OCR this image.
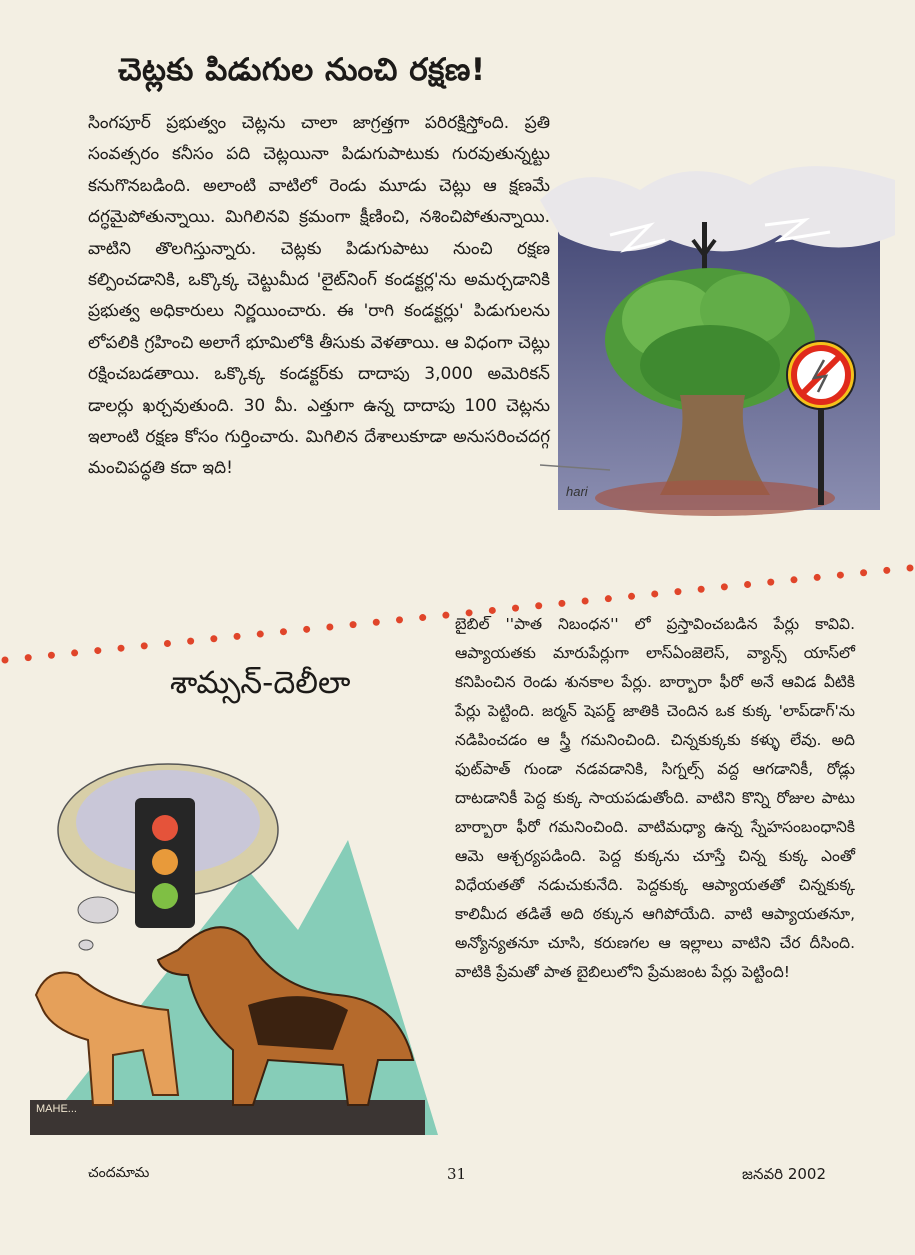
చెట్లకు పిడుగుల నుంచి రక్షణ!

సింగపూర్ ప్రభుత్వం చెట్లను చాలా జాగ్రత్తగా పరిరక్షిస్తోంది. ప్రతి సంవత్సరం కనీసం పది చెట్లయినా పిడుగుపాటుకు గురవుతున్నట్టు కనుగొనబడింది. అలాంటి వాటిలో రెండు మూడు చెట్లు ఆ క్షణమే దగ్ధమైపోతున్నాయి. మిగిలినవి క్రమంగా క్షీణించి, నశించిపోతున్నాయి. వాటిని తొలగిస్తున్నారు. చెట్లకు పిడుగుపాటు నుంచి రక్షణ కల్పించడానికి, ఒక్కొక్క చెట్టుమీద 'లైట్‌నింగ్ కండక్టర్ల'ను అమర్చడానికి ప్రభుత్వ అధికారులు నిర్ణయించారు. ఈ 'రాగి కండక్టర్లు' పిడుగులను లోపలికి గ్రహించి అలాగే భూమిలోకి తీసుకు వెళతాయి. ఆ విధంగా చెట్లు రక్షించబడతాయి. ఒక్కొక్క కండక్టర్‌కు దాదాపు 3,000 అమెరికన్ డాలర్లు ఖర్చవుతుంది. 30 మీ. ఎత్తుగా ఉన్న దాదాపు 100 చెట్లను ఇలాంటి రక్షణ కోసం గుర్తించారు. మిగిలిన దేశాలుకూడా అనుసరించదగ్గ మంచిపద్ధతి కదా ఇది!

hari
శామ్సన్-దెలీలా

బైబిల్ ''పాత నిబంధన'' లో ప్రస్తావించబడిన పేర్లు కావివి. ఆప్యాయతకు మారుపేర్లుగా లాస్‌ఏంజెలెస్, వ్యాన్స్ యాస్‌లో కనిపించిన రెండు శునకాల పేర్లు. బార్బారా ఫీరో అనే ఆవిడ వీటికి పేర్లు పెట్టింది. జర్మన్ షెపర్డ్ జాతికి చెందిన ఒక కుక్క 'లాప్‌డాగ్'ను నడిపించడం ఆ స్త్రీ గమనించింది. చిన్నకుక్కకు కళ్ళు లేవు. అది ఫుట్‌పాత్ గుండా నడవడానికి, సిగ్నల్స్ వద్ద ఆగడానికీ, రోడ్లు దాటడానికీ పెద్ద కుక్క సాయపడుతోంది. వాటిని కొన్ని రోజుల పాటు బార్బారా ఫీరో గమనించింది. వాటిమధ్యా ఉన్న స్నేహసంబంధానికి ఆమె ఆశ్చర్యపడింది. పెద్ద కుక్కను చూస్తే చిన్న కుక్క ఎంతో విధేయతతో నడుచుకునేది. పెద్దకుక్క ఆప్యాయతతో చిన్నకుక్క కాలిమీద తడితే అది ఠక్కున ఆగిపోయేది. వాటి ఆప్యాయతనూ, అన్యోన్యతనూ చూసి, కరుణగల ఆ ఇల్లాలు వాటిని చేర దీసింది. వాటికి ప్రేమతో పాత బైబిలులోని ప్రేమజంట పేర్లు పెట్టింది!

MAHE...
చందమామ	31	జనవరి 2002
